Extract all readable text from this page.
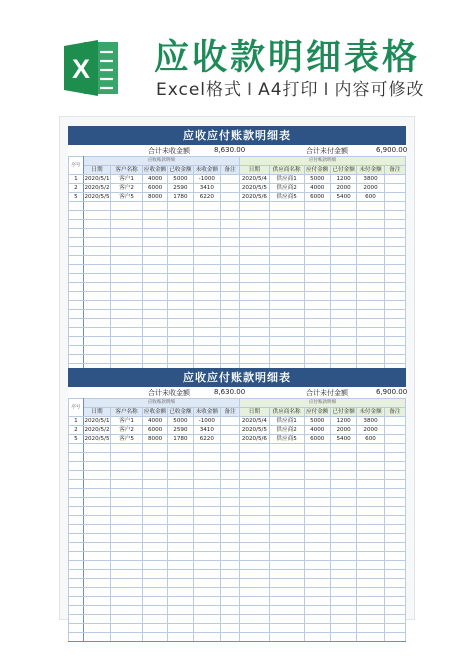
X 应收款明细表格
Excel格式 I A4打印 I 内容可修改
应收应付账款明细表
合计未收金额	8,630.00	合计未付金额	6,900.00
序号	应收账款明细						应付账款明细					
	日期	客户名称	应收金额	已收金额	未收金额	备注	日期	供应商名称	应付金额	已付金额	未付金额	备注
1	2020/5/1	客户1	4000	5000	-1000		2020/5/4	供应商1	5000	1200	3800	
2	2020/5/2	客户2	6000	2590	3410		2020/5/5	供应商2	4000	2000	2000	
5	2020/5/5	客户5	8000	1780	6220		2020/5/6	供应商5	6000	5400	600	

应收应付账款明细表
合计未收金额	8,630.00	合计未付金额	6,900.00
序号	应收账款明细						应付账款明细					
	日期	客户名称	应收金额	已收金额	未收金额	备注	日期	供应商名称	应付金额	已付金额	未付金额	备注
1	2020/5/1	客户1	4000	5000	-1000		2020/5/4	供应商1	5000	1200	3800	
2	2020/5/2	客户2	6000	2590	3410		2020/5/5	供应商2	4000	2000	2000	
5	2020/5/5	客户5	8000	1780	6220		2020/5/6	供应商5	6000	5400	600	
